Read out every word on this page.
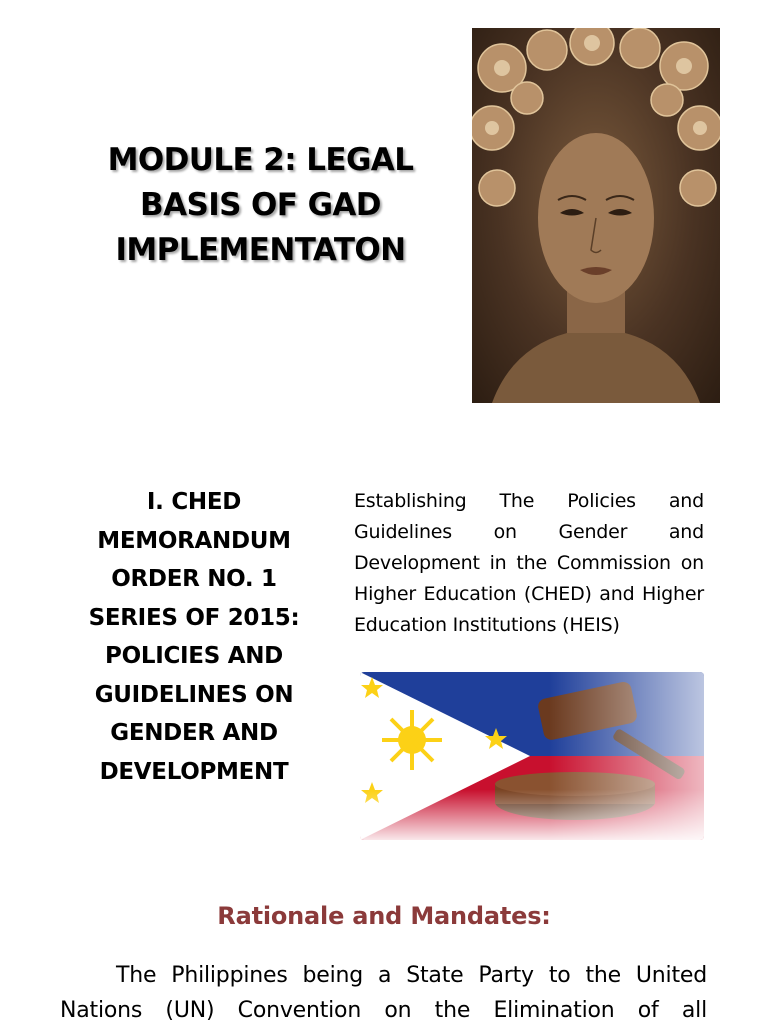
MODULE 2: LEGAL BASIS OF GAD IMPLEMENTATON
I. CHED MEMORANDUM ORDER NO. 1 SERIES OF 2015: POLICIES AND GUIDELINES ON GENDER AND DEVELOPMENT

Establishing The Policies and Guidelines on Gender and Development in the Commission on Higher Education (CHED) and Higher Education Institutions (HEIS)

Rationale and Mandates:

The Philippines being a State Party to the United Nations (UN) Convention on the Elimination of all
